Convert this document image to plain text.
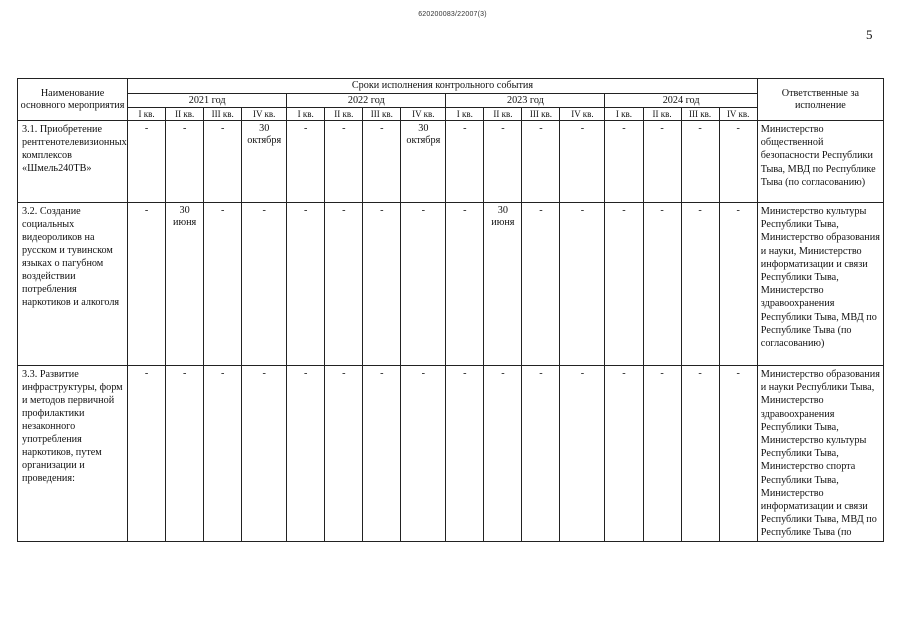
620200083/22007(3)
5
Наименование основного мероприятия	Сроки исполнения контрольного события																Ответственные за исполнение
	2021 год				2022 год				2023 год				2024 год				
	I кв.	II кв.	III кв.	IV кв.	I кв.	II кв.	III кв.	IV кв.	I кв.	II кв.	III кв.	IV кв.	I кв.	II кв.	III кв.	IV кв.	
3.1. Приобретение рентгенотелевизионных комплексов «Шмель240ТВ»	-	-	-	30 октября	-	-	-	30 октября	-	-	-	-	-	-	-	-	Министерство общественной безопасности Республики Тыва, МВД по Республике Тыва (по согласованию)
3.2. Создание социальных видеороликов на русском и тувинском языках о пагубном воздействии потребления наркотиков и алкоголя	-	30 июня	-	-	-	-	-	-	-	30 июня	-	-	-	-	-	-	Министерство культуры Республики Тыва, Министерство образования и науки, Министерство информатизации и связи Республики Тыва, Министерство здравоохранения Республики Тыва, МВД по Республике Тыва (по согласованию)
3.3. Развитие инфраструктуры, форм и методов первичной профилактики незаконного употребления наркотиков, путем организации и проведения:	-	-	-	-	-	-	-	-	-	-	-	-	-	-	-	-	Министерство образования и науки Республики Тыва, Министерство здравоохранения Республики Тыва, Министерство культуры Республики Тыва, Министерство спорта Республики Тыва, Министерство информатизации и связи Республики Тыва, МВД по Республике Тыва (по
